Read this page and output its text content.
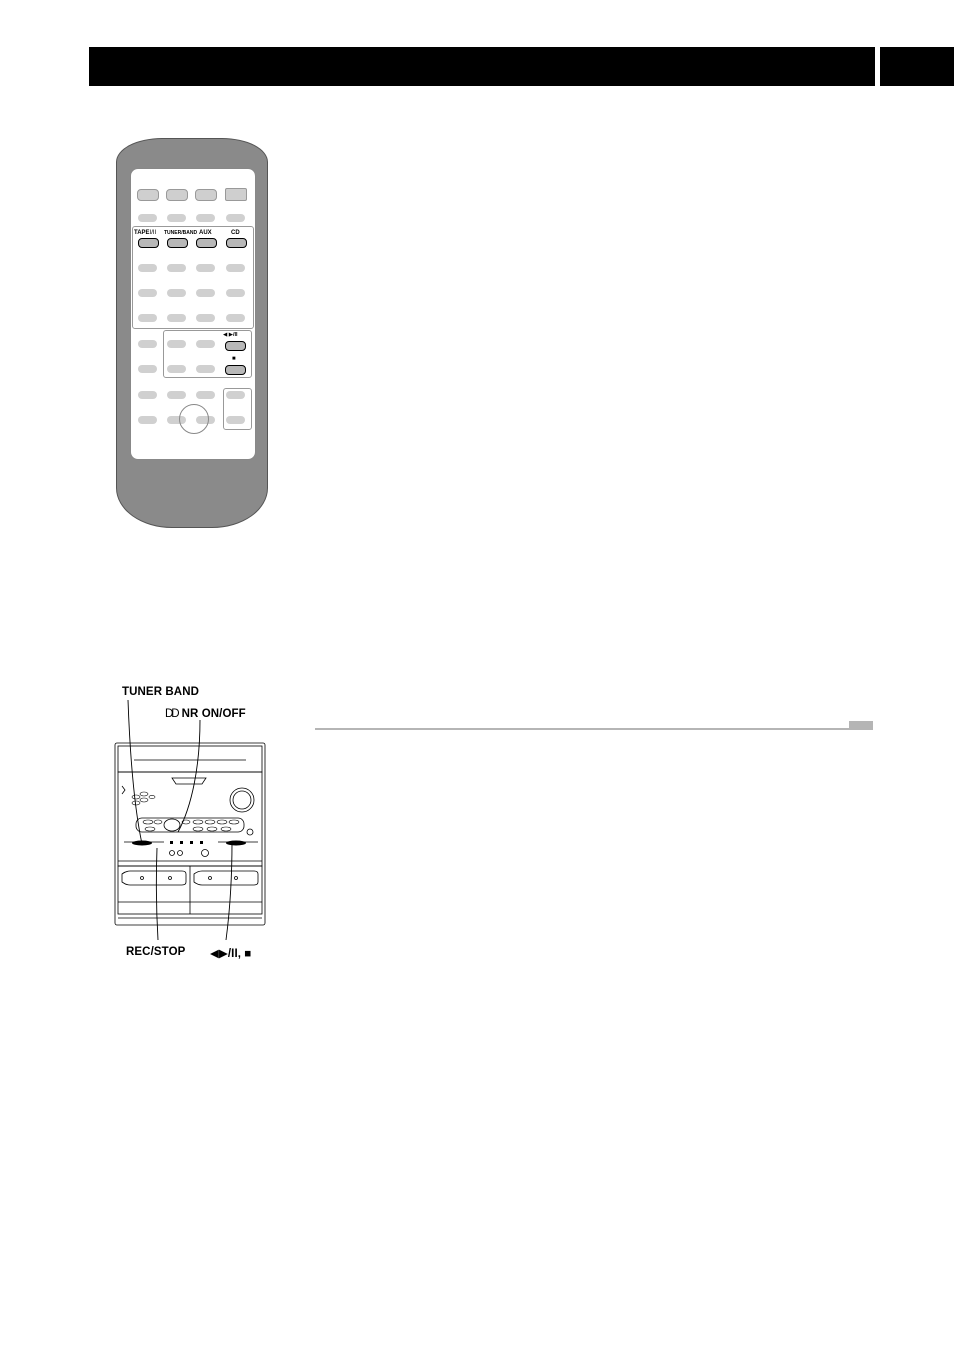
TAPEI/II TUNER/BAND AUX	CD
◀ ▶/II
■
TUNER BAND
DD NR ON/OFF
REC/STOP ◀▶/II, ■
